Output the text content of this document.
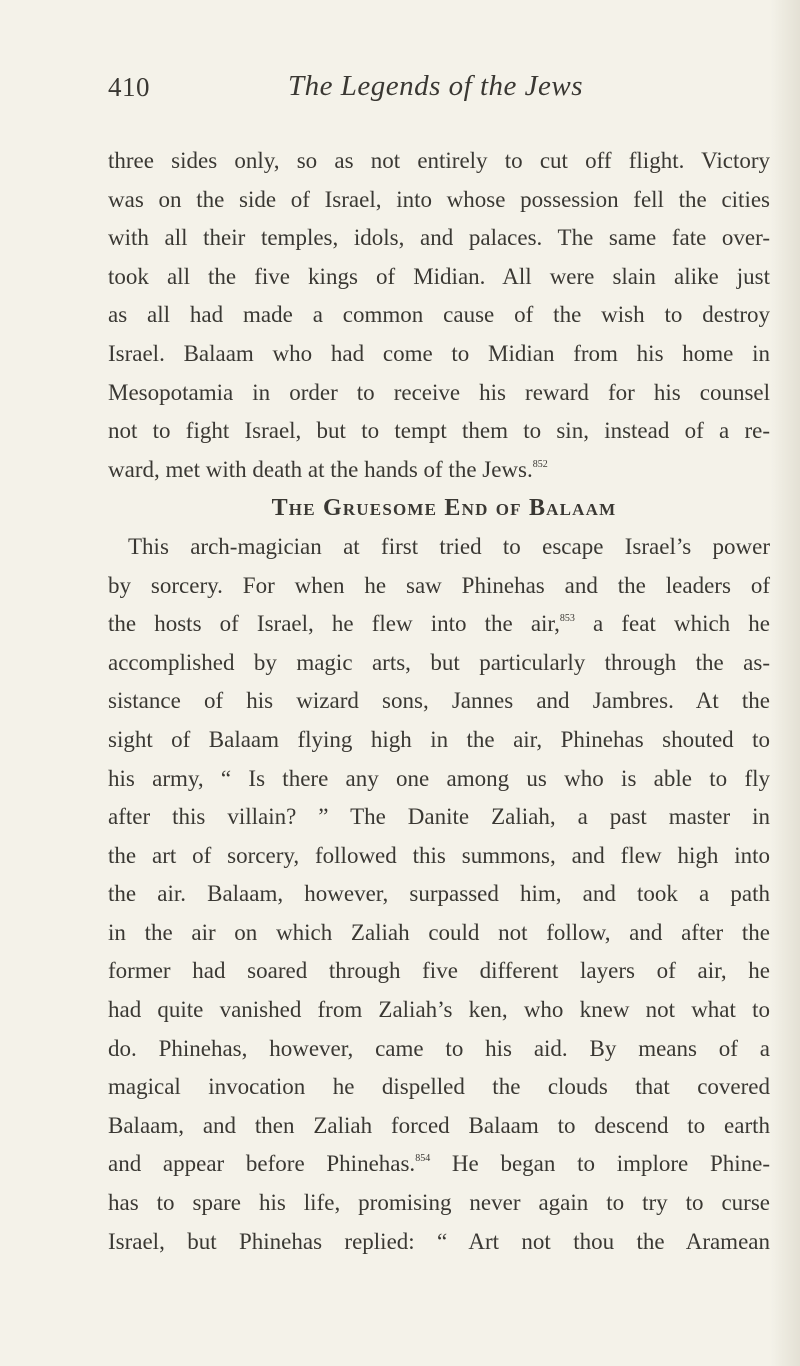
410	The Legends of the Jews

three sides only, so as not entirely to cut off flight. Victory
was on the side of Israel, into whose possession fell the cities
with all their temples, idols, and palaces. The same fate over-
took all the five kings of Midian. All were slain alike just
as all had made a common cause of the wish to destroy
Israel. Balaam who had come to Midian from his home in
Mesopotamia in order to receive his reward for his counsel
not to fight Israel, but to tempt them to sin, instead of a re-
ward, met with death at the hands of the Jews.$^{852}$

The Gruesome End of Balaam

This arch-magician at first tried to escape Israel’s power
by sorcery. For when he saw Phinehas and the leaders of
the hosts of Israel, he flew into the air,$^{853}$ a feat which he
accomplished by magic arts, but particularly through the as-
sistance of his wizard sons, Jannes and Jambres. At the
sight of Balaam flying high in the air, Phinehas shouted to
his army, “ Is there any one among us who is able to fly
after this villain? ” The Danite Zaliah, a past master in
the art of sorcery, followed this summons, and flew high into
the air. Balaam, however, surpassed him, and took a path
in the air on which Zaliah could not follow, and after the
former had soared through five different layers of air, he
had quite vanished from Zaliah’s ken, who knew not what to
do. Phinehas, however, came to his aid. By means of a
magical invocation he dispelled the clouds that covered
Balaam, and then Zaliah forced Balaam to descend to earth
and appear before Phinehas.$^{854}$ He began to implore Phine-
has to spare his life, promising never again to try to curse
Israel, but Phinehas replied: “ Art not thou the Aramean
